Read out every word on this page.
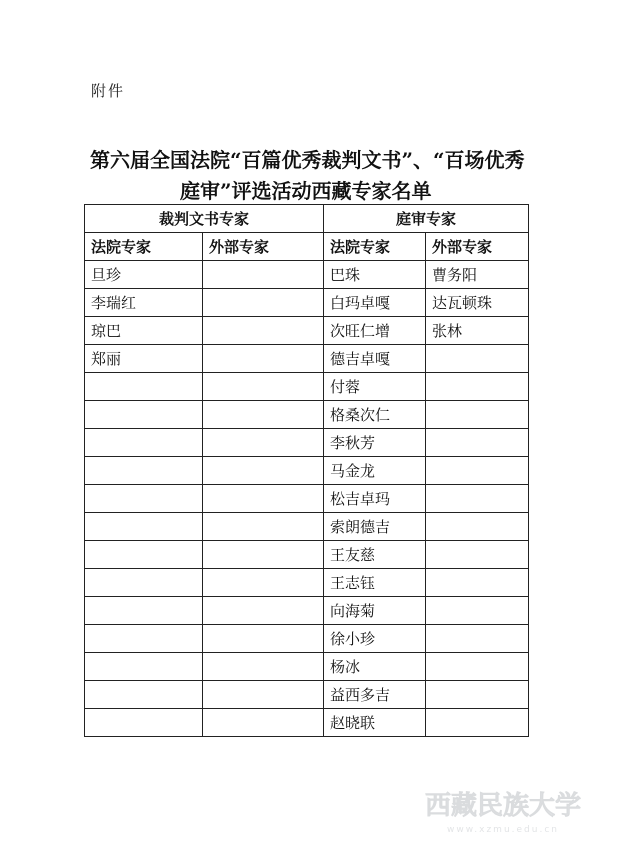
附件
第六届全国法院“百篇优秀裁判文书”、“百场优秀
庭审”评选活动西藏专家名单
裁判文书专家		庭审专家	
法院专家	外部专家	法院专家	外部专家
旦珍		巴珠	曹务阳
李瑞红		白玛卓嘎	达瓦顿珠
琼巴		次旺仁增	张林
郑丽		德吉卓嘎	
		付蓉	
		格桑次仁	
		李秋芳	
		马金龙	
		松吉卓玛	
		索朗德吉	
		王友慈	
		王志钰	
		向海菊	
		徐小珍	
		杨冰	
		益西多吉	
		赵晓联	
西藏民族大学
www.xzmu.edu.cn
